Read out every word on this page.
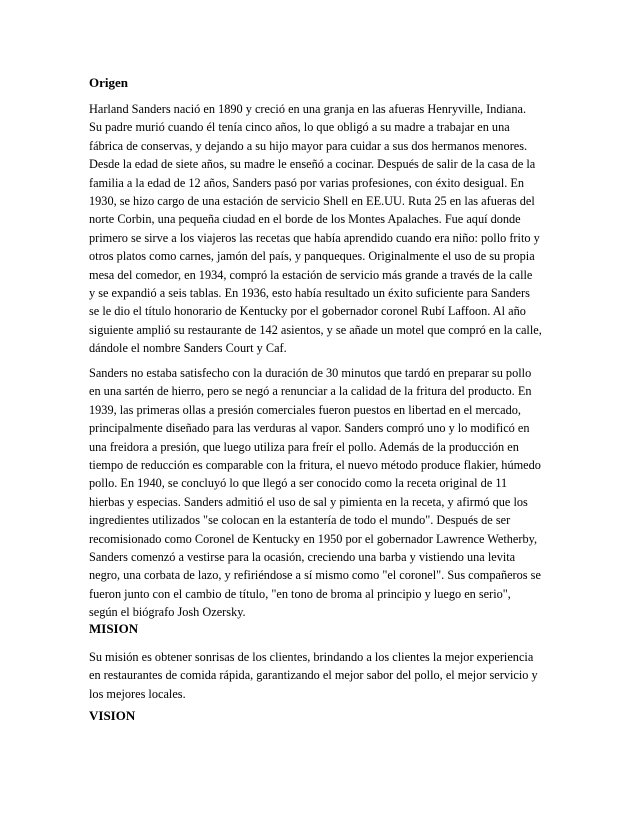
Origen
Harland Sanders nació en 1890 y creció en una granja en las afueras Henryville, Indiana.
Su padre murió cuando él tenía cinco años, lo que obligó a su madre a trabajar en una
fábrica de conservas, y dejando a su hijo mayor para cuidar a sus dos hermanos menores.
Desde la edad de siete años, su madre le enseñó a cocinar. Después de salir de la casa de la
familia a la edad de 12 años, Sanders pasó por varias profesiones, con éxito desigual. En
1930, se hizo cargo de una estación de servicio Shell en EE.UU. Ruta 25 en las afueras del
norte Corbin, una pequeña ciudad en el borde de los Montes Apalaches. Fue aquí donde
primero se sirve a los viajeros las recetas que había aprendido cuando era niño: pollo frito y
otros platos como carnes, jamón del país, y panqueques. Originalmente el uso de su propia
mesa del comedor, en 1934, compró la estación de servicio más grande a través de la calle
y se expandió a seis tablas. En 1936, esto había resultado un éxito suficiente para Sanders
se le dio el título honorario de Kentucky por el gobernador coronel Rubí Laffoon. Al año
siguiente amplió su restaurante de 142 asientos, y se añade un motel que compró en la calle,
dándole el nombre Sanders Court y Caf.
Sanders no estaba satisfecho con la duración de 30 minutos que tardó en preparar su pollo
en una sartén de hierro, pero se negó a renunciar a la calidad de la fritura del producto. En
1939, las primeras ollas a presión comerciales fueron puestos en libertad en el mercado,
principalmente diseñado para las verduras al vapor. Sanders compró uno y lo modificó en
una freidora a presión, que luego utiliza para freír el pollo. Además de la producción en
tiempo de reducción es comparable con la fritura, el nuevo método produce flakier, húmedo
pollo. En 1940, se concluyó lo que llegó a ser conocido como la receta original de 11
hierbas y especias. Sanders admitió el uso de sal y pimienta en la receta, y afirmó que los
ingredientes utilizados "se colocan en la estantería de todo el mundo". Después de ser
recomisionado como Coronel de Kentucky en 1950 por el gobernador Lawrence Wetherby,
Sanders comenzó a vestirse para la ocasión, creciendo una barba y vistiendo una levita
negro, una corbata de lazo, y refiriéndose a sí mismo como "el coronel". Sus compañeros se
fueron junto con el cambio de título, "en tono de broma al principio y luego en serio",
según el biógrafo Josh Ozersky.
MISION
Su misión es obtener sonrisas de los clientes, brindando a los clientes la mejor experiencia
en restaurantes de comida rápida, garantizando el mejor sabor del pollo, el mejor servicio y
los mejores locales.
VISION
